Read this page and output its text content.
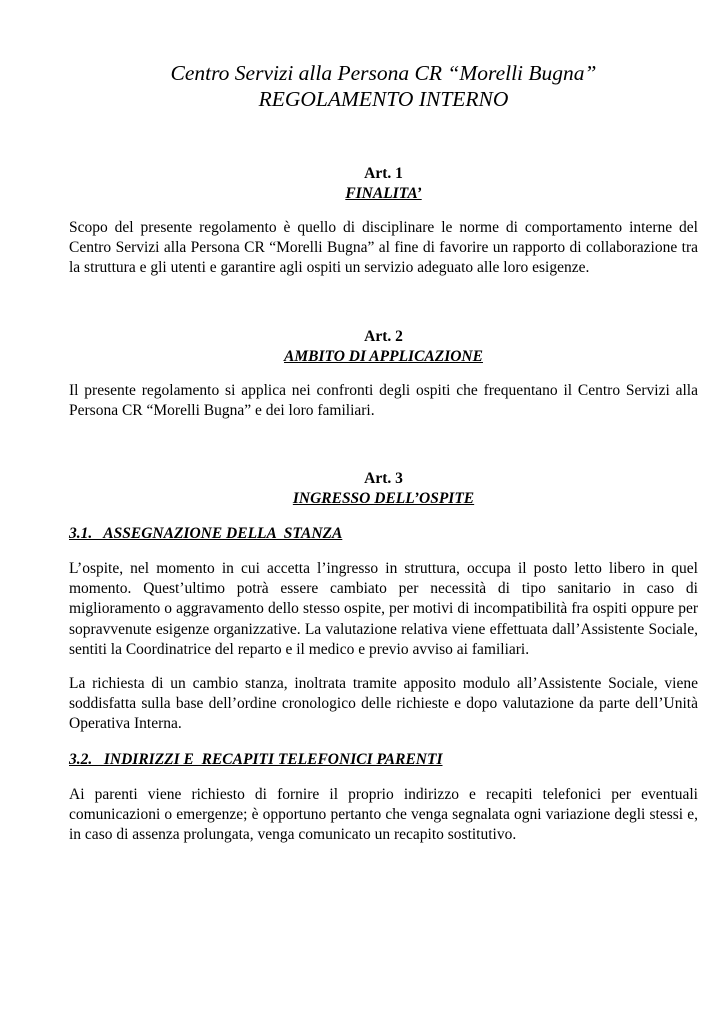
Centro Servizi alla Persona CR “Morelli Bugna”
REGOLAMENTO INTERNO

Art. 1

FINALITA’

Scopo del presente regolamento è quello di disciplinare le norme di comportamento interne del Centro Servizi alla Persona CR “Morelli Bugna” al fine di favorire un rapporto di collaborazione tra la struttura e gli utenti e garantire agli ospiti un servizio adeguato alle loro esigenze.

Art. 2

AMBITO DI APPLICAZIONE

Il presente regolamento si applica nei confronti degli ospiti che frequentano il Centro Servizi alla Persona CR “Morelli Bugna” e dei loro familiari.

Art. 3

INGRESSO DELL’OSPITE

3.1.   ASSEGNAZIONE DELLA  STANZA

L’ospite, nel momento in cui accetta l’ingresso in struttura, occupa il posto letto libero in quel momento. Quest’ultimo potrà essere cambiato per necessità di tipo sanitario in caso di miglioramento o aggravamento dello stesso ospite, per motivi di incompatibilità fra ospiti oppure per sopravvenute esigenze organizzative. La valutazione relativa viene effettuata dall’Assistente Sociale, sentiti la Coordinatrice del reparto e il medico e previo avviso ai familiari.

La richiesta di un cambio stanza, inoltrata tramite apposito modulo all’Assistente Sociale, viene soddisfatta sulla base dell’ordine cronologico delle richieste e dopo valutazione da parte dell’Unità Operativa Interna.

3.2.   INDIRIZZI E  RECAPITI TELEFONICI PARENTI

Ai parenti viene richiesto di fornire il proprio indirizzo e recapiti telefonici per eventuali comunicazioni o emergenze; è opportuno pertanto che venga segnalata ogni variazione degli stessi e, in caso di assenza prolungata, venga comunicato un recapito sostitutivo.
